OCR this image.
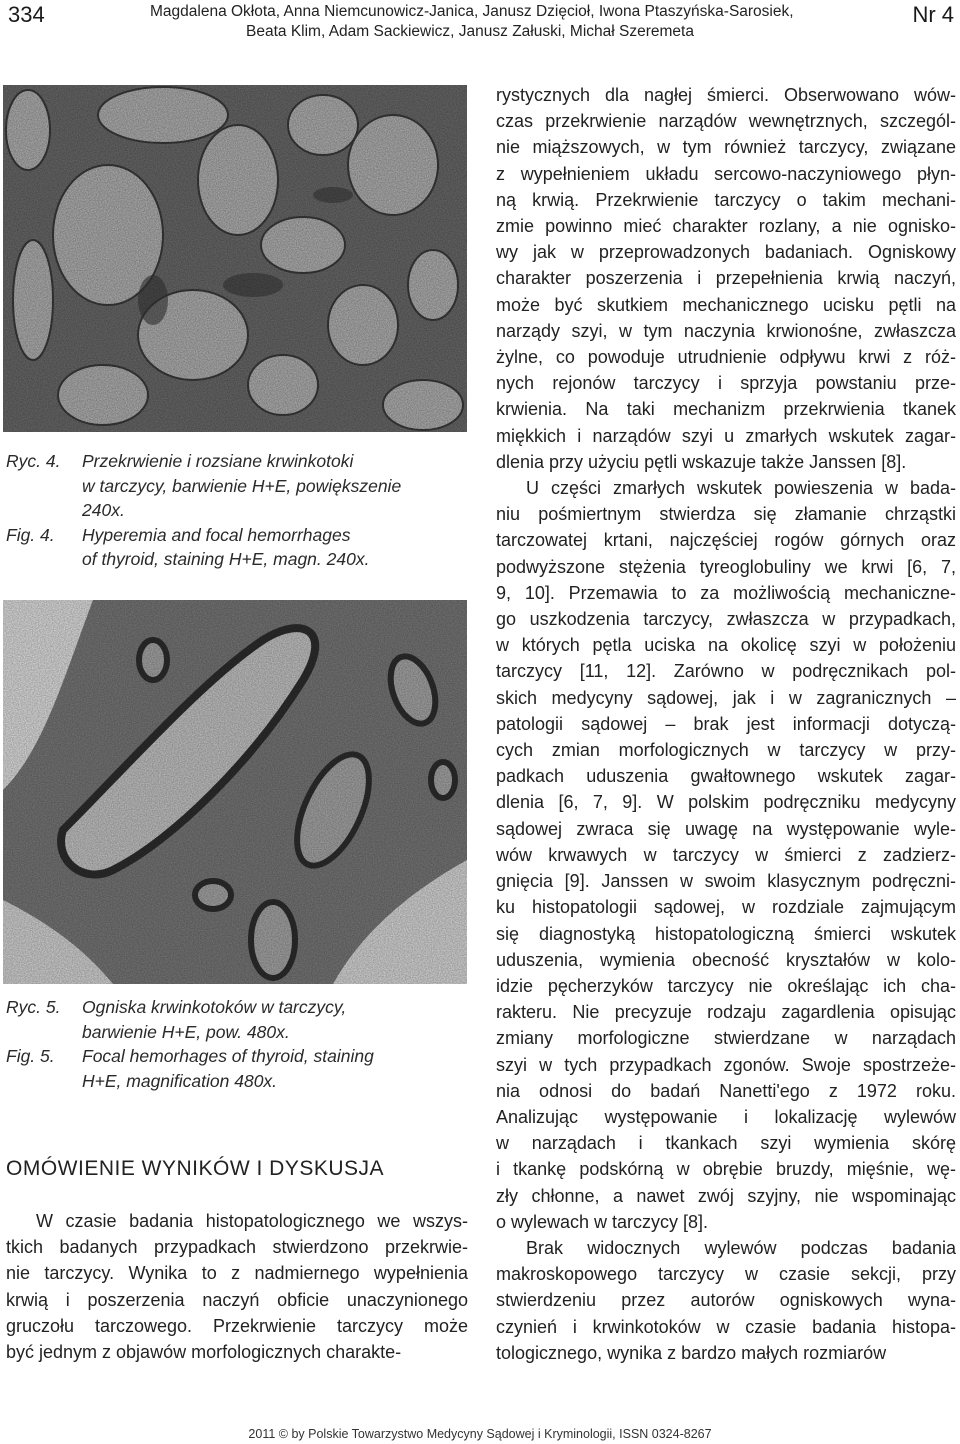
334	Magdalena Okłota, Anna Niemcunowicz-Janica, Janusz Dzięcioł, Iwona Ptaszyńska-Sarosiek,
Beata Klim, Adam Sackiewicz, Janusz Załuski, Michał Szeremeta
Nr 4
Ryc. 4.	Przekrwienie i rozsiane krwinkotoki
w tarczycy, barwienie H+E, powiększenie
240x.
Fig. 4.	Hyperemia and focal hemorrhages
of thyroid, staining H+E, magn. 240x.
Ryc. 5.	Ogniska krwinkotoków w tarczycy,
barwienie H+E, pow. 480x.
Fig. 5.	Focal hemorhages of thyroid, staining
H+E, magnification 480x.
OMÓWIENIE WYNIKÓW I DYSKUSJA
W czasie badania histopatologicznego we wszys-
tkich badanych przypadkach stwierdzono przekrwie-
nie tarczycy. Wynika to z nadmiernego wypełnienia
krwią i poszerzenia naczyń obficie unaczynionego
gruczołu tarczowego. Przekrwienie tarczycy może
być jednym z objawów morfologicznych charakte-
rystycznych dla nagłej śmierci. Obserwowano wów-
czas przekrwienie narządów wewnętrznych, szczegól-
nie miąższowych, w tym również tarczycy, związane
z wypełnieniem układu sercowo-naczyniowego płyn-
ną krwią. Przekrwienie tarczycy o takim mechani-
zmie powinno mieć charakter rozlany, a nie ognisko-
wy jak w przeprowadzonych badaniach. Ogniskowy
charakter poszerzenia i przepełnienia krwią naczyń,
może być skutkiem mechanicznego ucisku pętli na
narządy szyi, w tym naczynia krwionośne, zwłaszcza
żylne, co powoduje utrudnienie odpływu krwi z róż-
nych rejonów tarczycy i sprzyja powstaniu prze-
krwienia. Na taki mechanizm przekrwienia tkanek
miękkich i narządów szyi u zmarłych wskutek zagar-
dlenia przy użyciu pętli wskazuje także Janssen [8].
U części zmarłych wskutek powieszenia w bada-
niu pośmiertnym stwierdza się złamanie chrząstki
tarczowatej krtani, najczęściej rogów górnych oraz
podwyższone stężenia tyreoglobuliny we krwi [6, 7,
9, 10]. Przemawia to za możliwością mechaniczne-
go uszkodzenia tarczycy, zwłaszcza w przypadkach,
w których pętla uciska na okolicę szyi w położeniu
tarczycy [11, 12]. Zarówno w podręcznikach pol-
skich medycyny sądowej, jak i w zagranicznych –
patologii sądowej – brak jest informacji dotyczą-
cych zmian morfologicznych w tarczycy w przy-
padkach uduszenia gwałtownego wskutek zagar-
dlenia [6, 7, 9]. W polskim podręczniku medycyny
sądowej zwraca się uwagę na występowanie wyle-
wów krwawych w tarczycy w śmierci z zadzierz-
gnięcia [9]. Janssen w swoim klasycznym podręczni-
ku histopatologii sądowej, w rozdziale zajmującym
się diagnostyką histopatologiczną śmierci wskutek
uduszenia, wymienia obecność kryształów w kolo-
idzie pęcherzyków tarczycy nie określając ich cha-
rakteru. Nie precyzuje rodzaju zagardlenia opisując
zmiany morfologiczne stwierdzane w narządach
szyi w tych przypadkach zgonów. Swoje spostrzeże-
nia odnosi do badań Nanetti'ego z 1972 roku.
Analizując występowanie i lokalizację wylewów
w narządach i tkankach szyi wymienia skórę
i tkankę podskórną w obrębie bruzdy, mięśnie, wę-
zły chłonne, a nawet zwój szyjny, nie wspominając
o wylewach w tarczycy [8].
Brak widocznych wylewów podczas badania
makroskopowego tarczycy w czasie sekcji, przy
stwierdzeniu przez autorów ogniskowych wyna-
czynień i krwinkotoków w czasie badania histopa-
tologicznego, wynika z bardzo małych rozmiarów
2011 © by Polskie Towarzystwo Medycyny Sądowej i Kryminologii, ISSN 0324-8267
